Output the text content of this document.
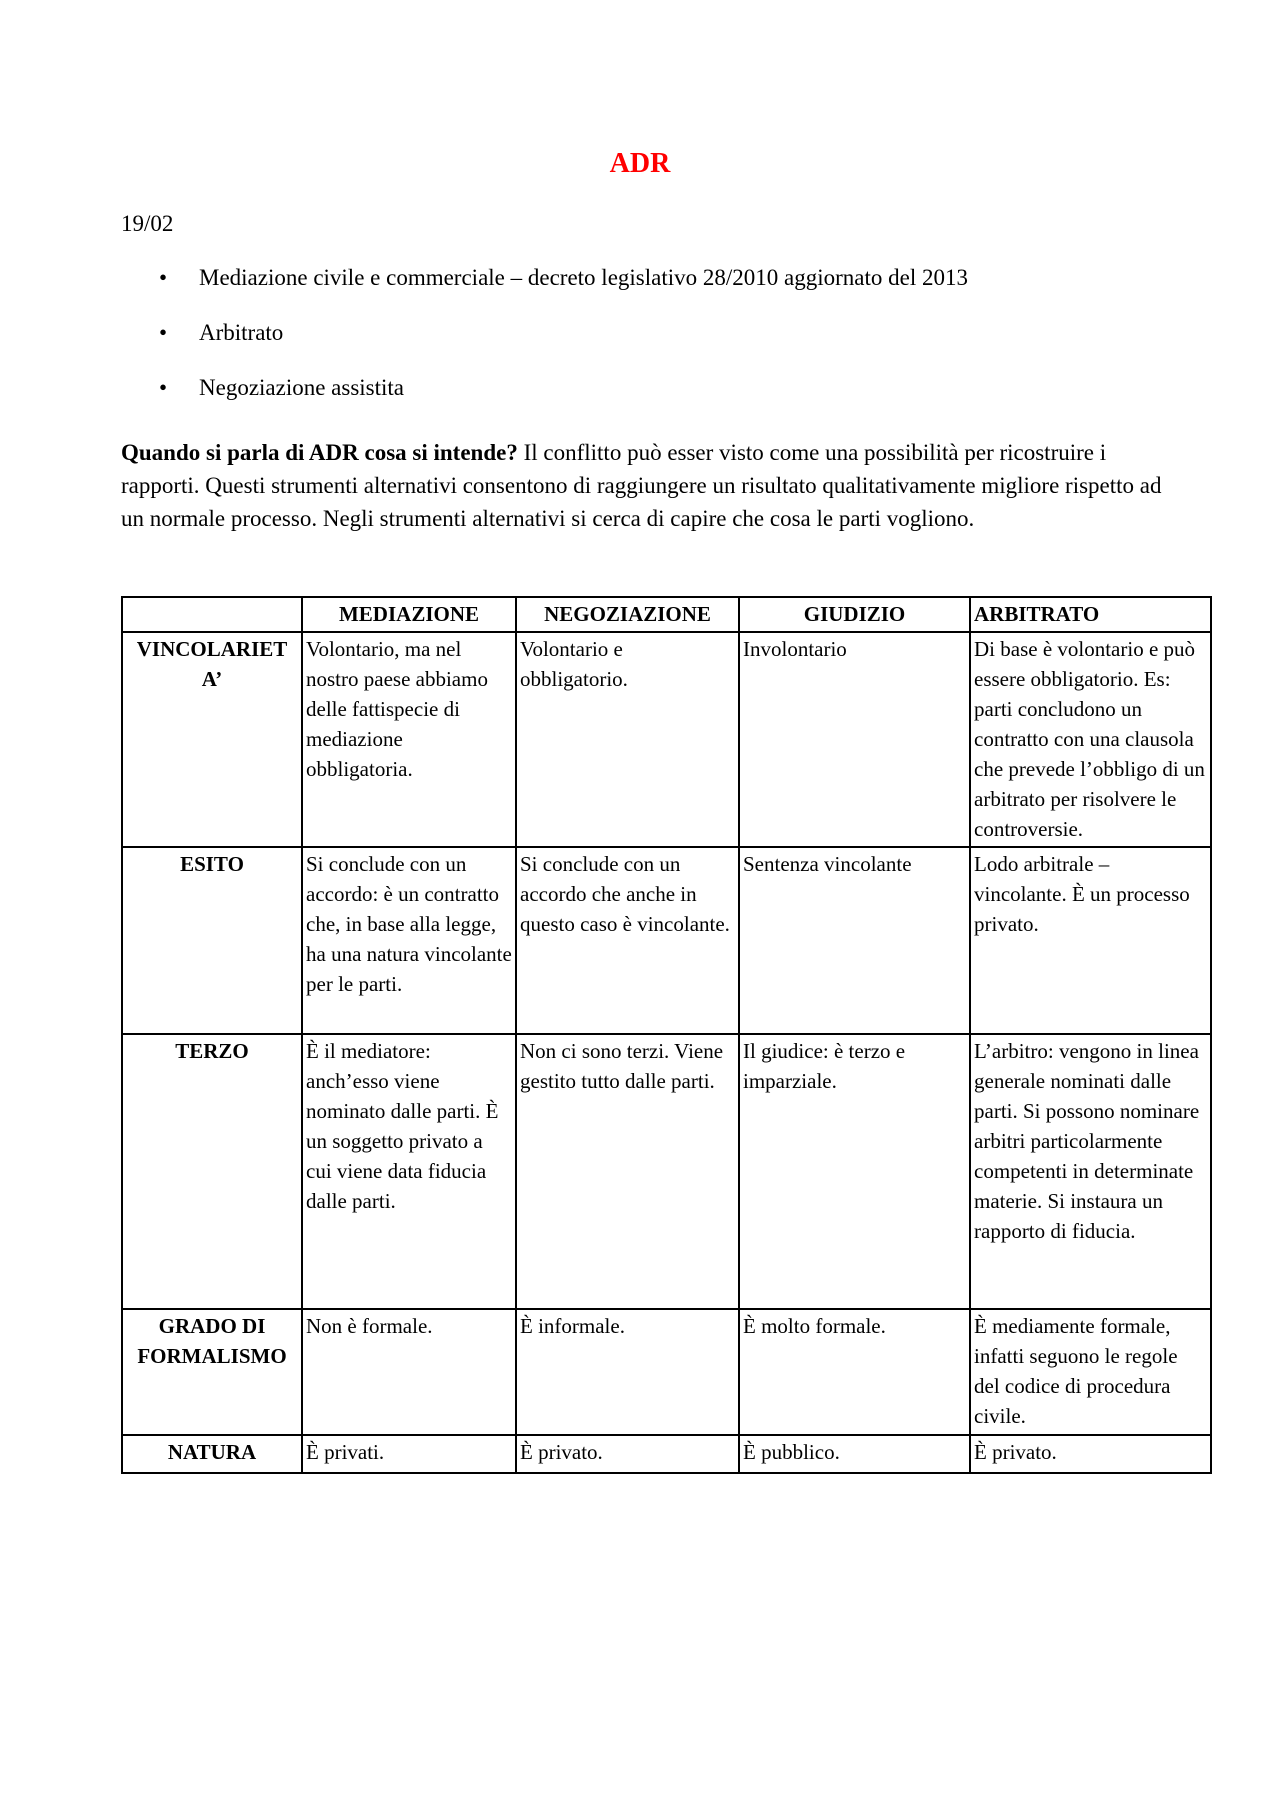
ADR
19/02
• Mediazione civile e commerciale – decreto legislativo 28/2010 aggiornato del 2013
• Arbitrato
• Negoziazione assistita

Quando si parla di ADR cosa si intende? Il conflitto può esser visto come una possibilità per ricostruire i rapporti. Questi strumenti alternativi consentono di raggiungere un risultato qualitativamente migliore rispetto ad un normale processo. Negli strumenti alternativi si cerca di capire che cosa le parti vogliono.

	MEDIAZIONE	NEGOZIAZIONE	GIUDIZIO	ARBITRATO
VINCOLARIET A’	Volontario, ma nel nostro paese abbiamo delle fattispecie di mediazione obbligatoria.	Volontario e obbligatorio.	Involontario	Di base è volontario e può essere obbligatorio. Es: parti concludono un contratto con una clausola che prevede l’obbligo di un arbitrato per risolvere le controversie.
ESITO	Si conclude con un accordo: è un contratto che, in base alla legge, ha una natura vincolante per le parti.	Si conclude con un accordo che anche in questo caso è vincolante.	Sentenza vincolante	Lodo arbitrale – vincolante. È un processo privato.
TERZO	È il mediatore: anch’esso viene nominato dalle parti. È un soggetto privato a cui viene data fiducia dalle parti.	Non ci sono terzi. Viene gestito tutto dalle parti.	Il giudice: è terzo e imparziale.	L’arbitro: vengono in linea generale nominati dalle parti. Si possono nominare arbitri particolarmente competenti in determinate materie. Si instaura un rapporto di fiducia.
GRADO DI FORMALISMO	Non è formale.	È informale.	È molto formale.	È mediamente formale, infatti seguono le regole del codice di procedura civile.
NATURA	È privati.	È privato.	È pubblico.	È privato.
